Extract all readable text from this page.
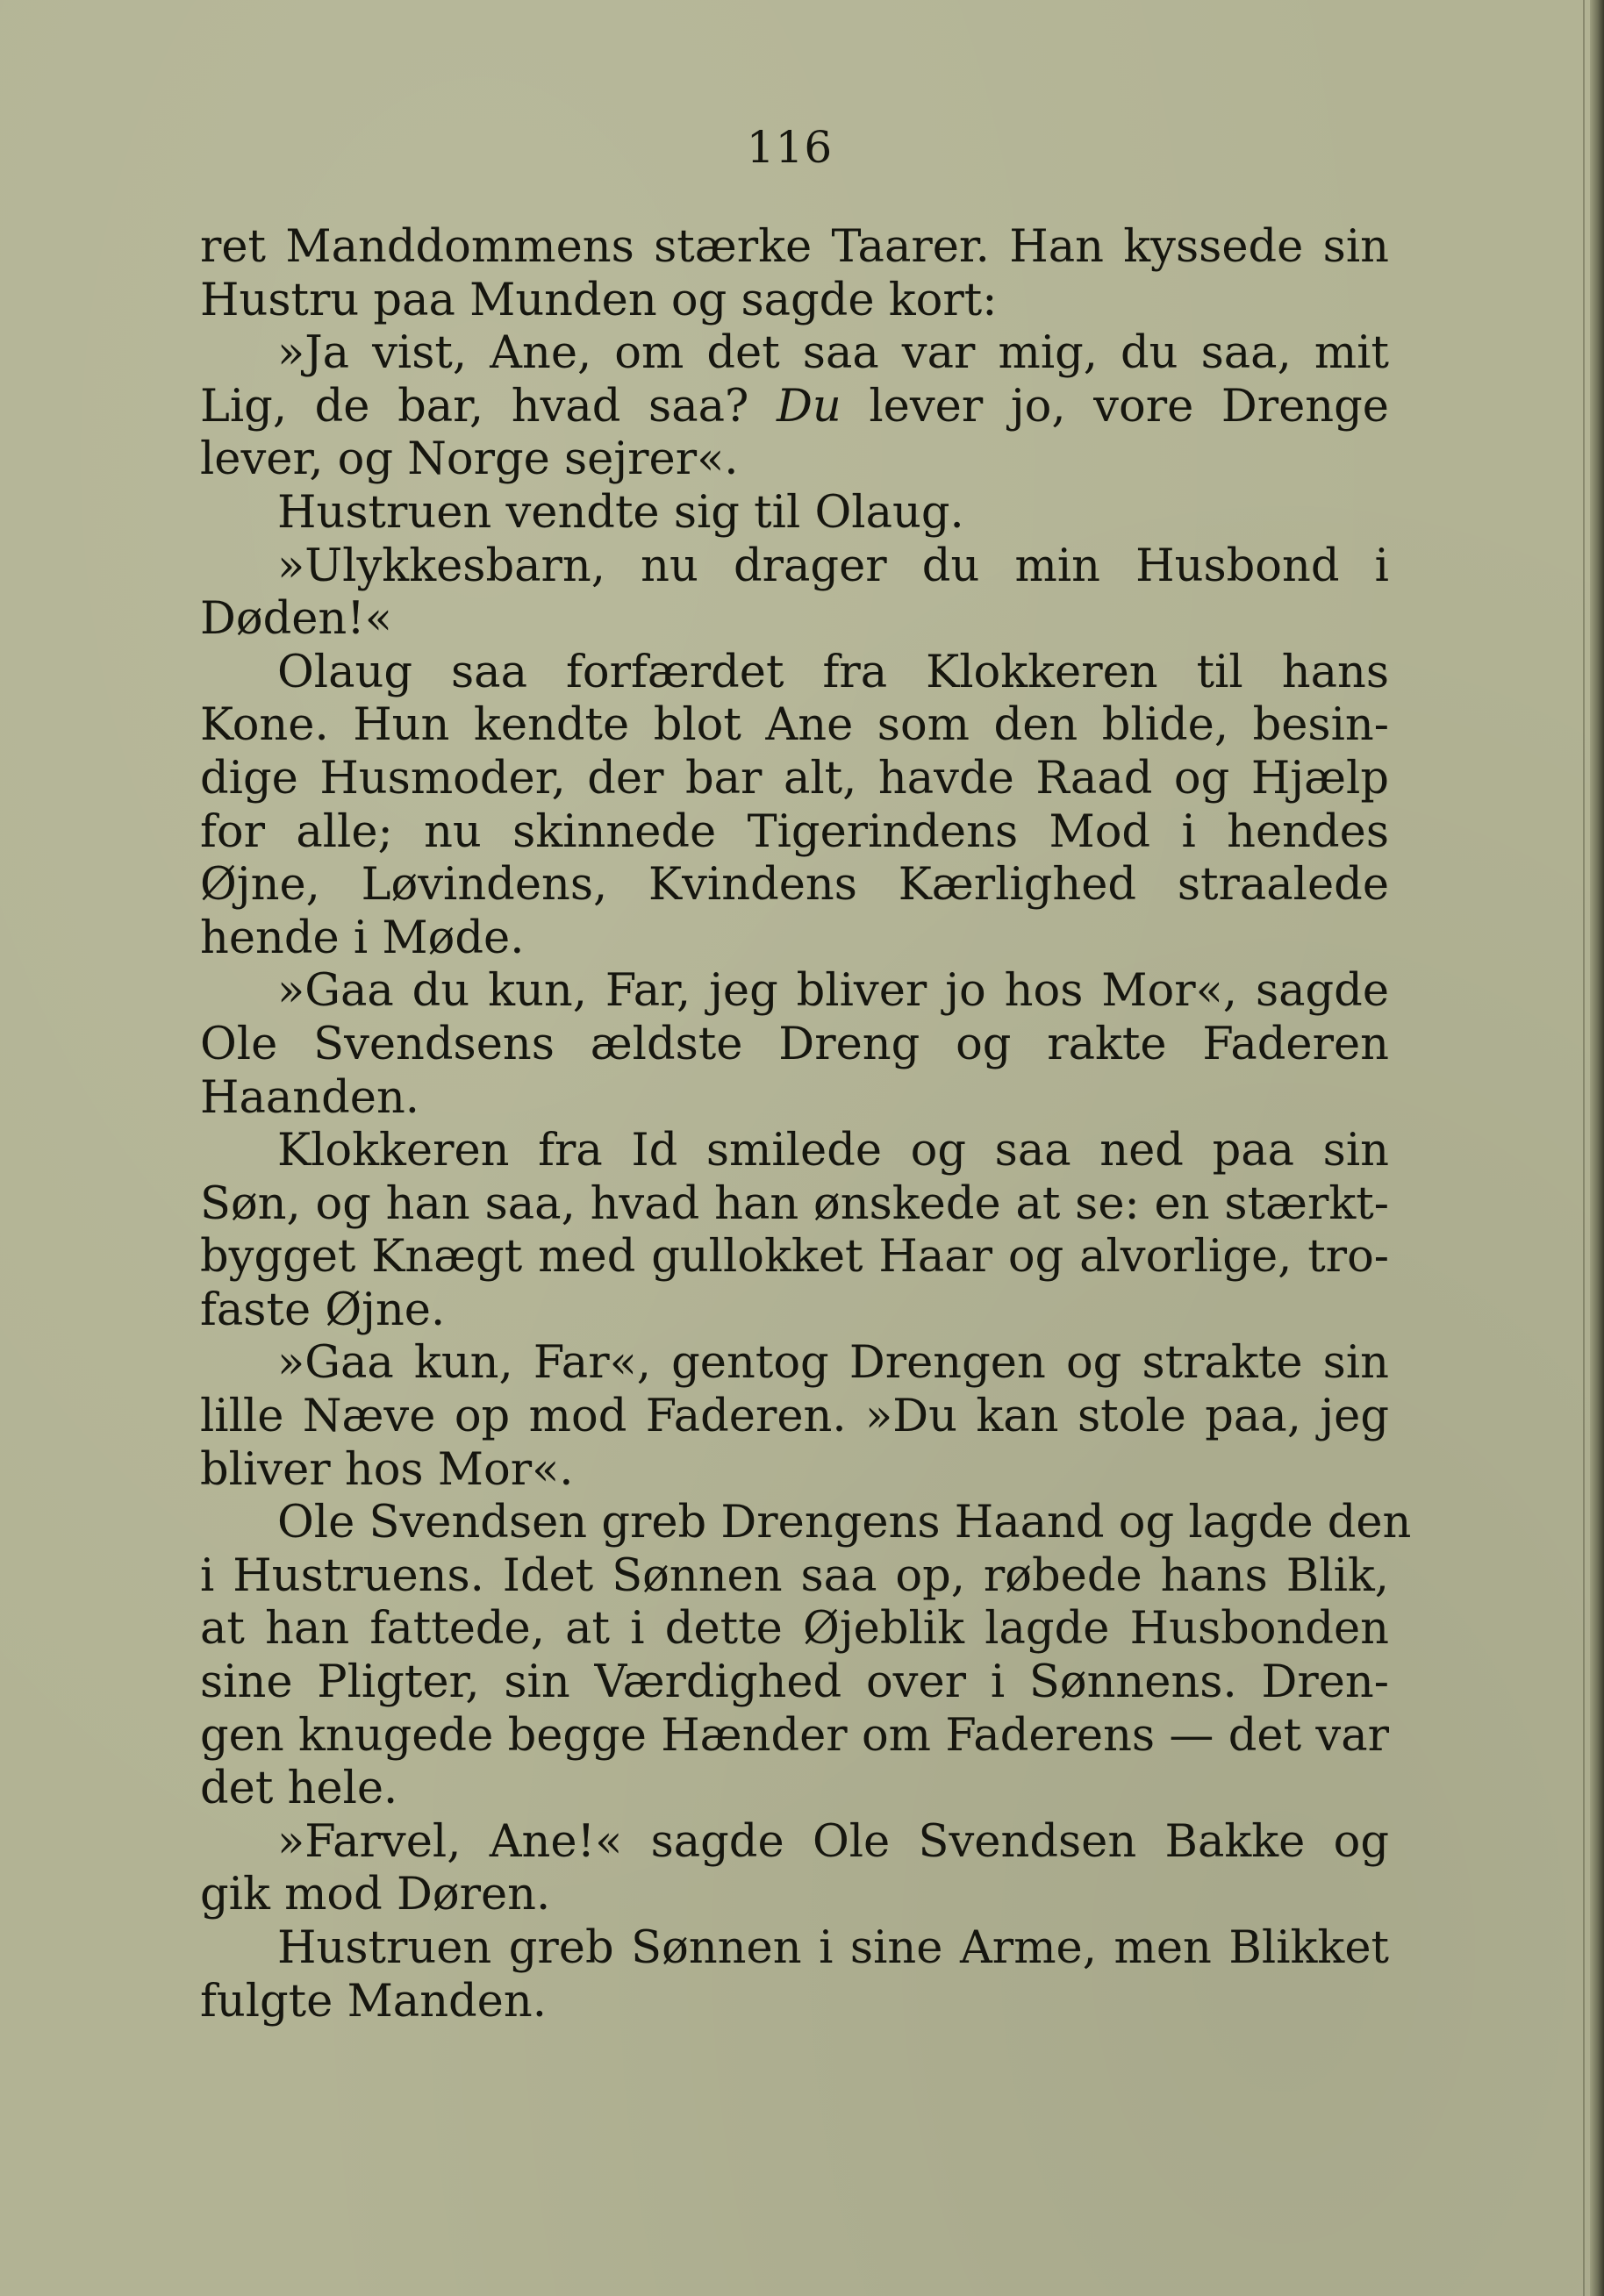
116
ret Manddommens stærke Taarer. Han kyssede sin
Hustru paa Munden og sagde kort:
»Ja vist, Ane, om det saa var mig, du saa, mit
Lig, de bar, hvad saa? Du lever jo, vore Drenge
lever, og Norge sejrer«.
Hustruen vendte sig til Olaug.
»Ulykkesbarn, nu drager du min Husbond i
Døden!«
Olaug saa forfærdet fra Klokkeren til hans
Kone. Hun kendte blot Ane som den blide, besin-
dige Husmoder, der bar alt, havde Raad og Hjælp
for alle; nu skinnede Tigerindens Mod i hendes
Øjne, Løvindens, Kvindens Kærlighed straalede
hende i Møde.
»Gaa du kun, Far, jeg bliver jo hos Mor«, sagde
Ole Svendsens ældste Dreng og rakte Faderen
Haanden.
Klokkeren fra Id smilede og saa ned paa sin
Søn, og han saa, hvad han ønskede at se: en stærkt-
bygget Knægt med gullokket Haar og alvorlige, tro-
faste Øjne.
»Gaa kun, Far«, gentog Drengen og strakte sin
lille Næve op mod Faderen. »Du kan stole paa, jeg
bliver hos Mor«.
Ole Svendsen greb Drengens Haand og lagde den
i Hustruens. Idet Sønnen saa op, røbede hans Blik,
at han fattede, at i dette Øjeblik lagde Husbonden
sine Pligter, sin Værdighed over i Sønnens. Dren-
gen knugede begge Hænder om Faderens — det var
det hele.
»Farvel, Ane!« sagde Ole Svendsen Bakke og
gik mod Døren.
Hustruen greb Sønnen i sine Arme, men Blikket
fulgte Manden.
